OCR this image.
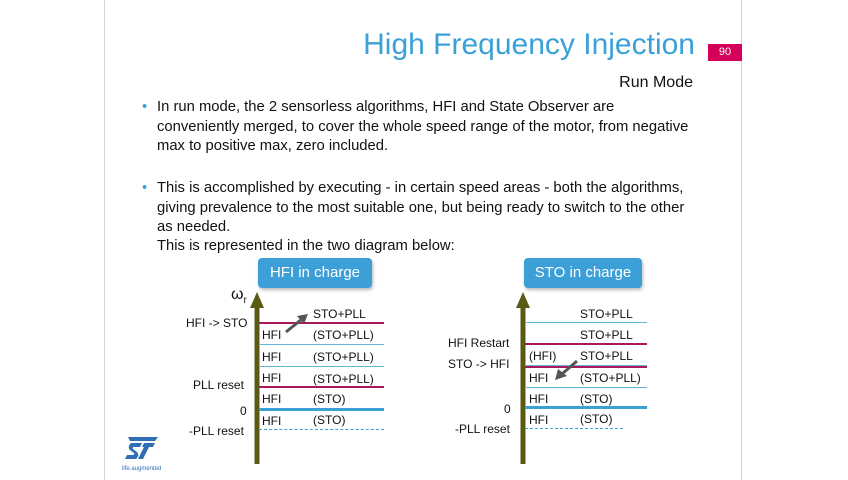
High Frequency Injection	90
Run Mode
• In run mode, the 2 sensorless algorithms, HFI and State Observer are conveniently merged, to cover the whole speed range of the motor, from negative max to positive max, zero included.
• This is accomplished by executing - in certain speed areas - both the algorithms, giving prevalence to the most suitable one, but being ready to switch to the other as needed.
This is represented in the two diagram below:
HFI in charge
$\omega_r$
HFI -> STO
PLL reset
0
-PLL reset
HFI
HFI
HFI
HFI
HFI
STO+PLL
(STO+PLL)
(STO+PLL)
(STO+PLL)
(STO)
(STO)
STO in charge
HFI Restart
STO -> HFI
0
-PLL reset
(HFI)
HFI
HFI
HFI
STO+PLL
STO+PLL
STO+PLL
(STO+PLL)
(STO)
(STO)
life.augmented
